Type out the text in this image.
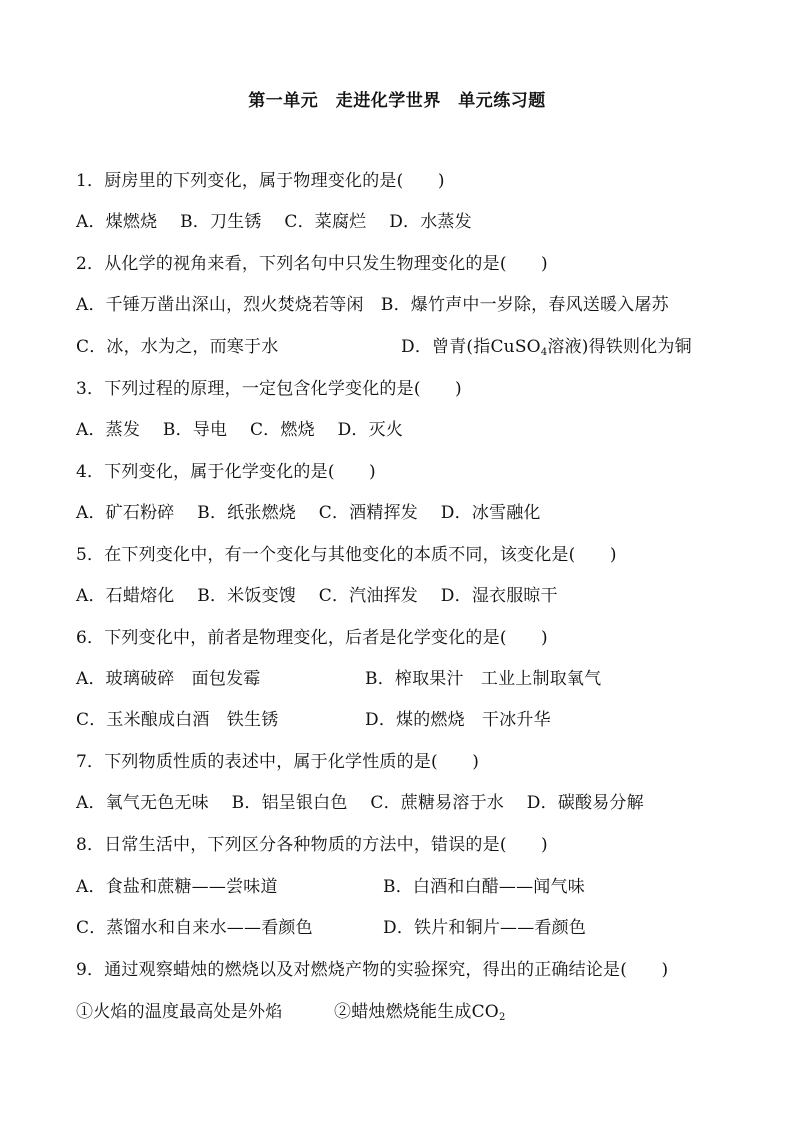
第一单元　走进化学世界　单元练习题
1．厨房里的下列变化，属于物理变化的是(　　)
A．煤燃烧　 B．刀生锈　 C．菜腐烂　 D．水蒸发
2．从化学的视角来看，下列名句中只发生物理变化的是(　　)
A．千锤万凿出深山，烈火焚烧若等闲　B．爆竹声中一岁除，春风送暖入屠苏
C．冰，水为之，而寒于水	D．曾青(指CuSO$_4$溶液)得铁则化为铜
3．下列过程的原理，一定包含化学变化的是(　　)
A．蒸发　 B．导电　 C．燃烧　 D．灭火
4．下列变化，属于化学变化的是(　　)
A．矿石粉碎　 B．纸张燃烧　 C．酒精挥发　 D．冰雪融化
5．在下列变化中，有一个变化与其他变化的本质不同，该变化是(　　)
A．石蜡熔化　 B．米饭变馊　 C．汽油挥发　 D．湿衣服晾干
6．下列变化中，前者是物理变化，后者是化学变化的是(　　)
A．玻璃破碎　面包发霉	B．榨取果汁　工业上制取氧气
C．玉米酿成白酒　铁生锈	D．煤的燃烧　干冰升华
7．下列物质性质的表述中，属于化学性质的是(　　)
A．氧气无色无味　 B．铝呈银白色　 C．蔗糖易溶于水　 D．碳酸易分解
8．日常生活中，下列区分各种物质的方法中，错误的是(　　)
A．食盐和蔗糖——尝味道	B．白酒和白醋——闻气味
C．蒸馏水和自来水——看颜色	D．铁片和铜片——看颜色
9．通过观察蜡烛的燃烧以及对燃烧产物的实验探究，得出的正确结论是(　　)
①火焰的温度最高处是外焰	②蜡烛燃烧能生成$CO_2$
